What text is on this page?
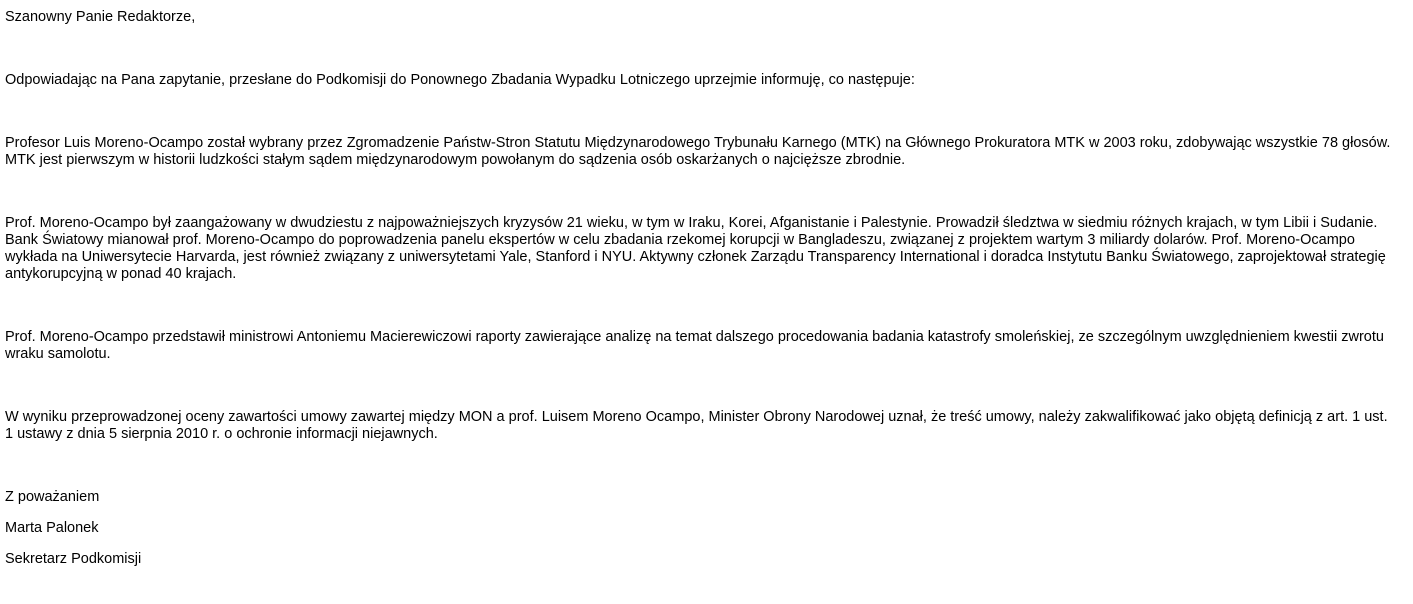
Szanowny Panie Redaktorze,

Odpowiadając na Pana zapytanie, przesłane do Podkomisji do Ponownego Zbadania Wypadku Lotniczego uprzejmie informuję, co następuje:

Profesor Luis Moreno-Ocampo został wybrany przez Zgromadzenie Państw-Stron Statutu Międzynarodowego Trybunału Karnego (MTK) na Głównego Prokuratora MTK w 2003 roku, zdobywając wszystkie 78 głosów. MTK jest pierwszym w historii ludzkości stałym sądem międzynarodowym powołanym do sądzenia osób oskarżanych o najcięższe zbrodnie.

Prof. Moreno-Ocampo był zaangażowany w dwudziestu z najpoważniejszych kryzysów 21 wieku, w tym w Iraku, Korei, Afganistanie i Palestynie. Prowadził śledztwa w siedmiu różnych krajach, w tym Libii i Sudanie. Bank Światowy mianował prof. Moreno-Ocampo do poprowadzenia panelu ekspertów w celu zbadania rzekomej korupcji w Bangladeszu, związanej z projektem wartym 3 miliardy dolarów. Prof. Moreno-Ocampo wykłada na Uniwersytecie Harvarda, jest również związany z uniwersytetami Yale, Stanford i NYU. Aktywny członek Zarządu Transparency International i doradca Instytutu Banku Światowego, zaprojektował strategię antykorupcyjną w ponad 40 krajach.

Prof. Moreno-Ocampo przedstawił ministrowi Antoniemu Macierewiczowi raporty zawierające analizę na temat dalszego procedowania badania katastrofy smoleńskiej, ze szczególnym uwzględnieniem kwestii zwrotu wraku samolotu.

W wyniku przeprowadzonej oceny zawartości umowy zawartej między MON a prof. Luisem Moreno Ocampo, Minister Obrony Narodowej uznał, że treść umowy, należy zakwalifikować jako objętą definicją z art. 1 ust. 1 ustawy z dnia 5 sierpnia 2010 r. o ochronie informacji niejawnych.

Z poważaniem

Marta Palonek

Sekretarz Podkomisji
